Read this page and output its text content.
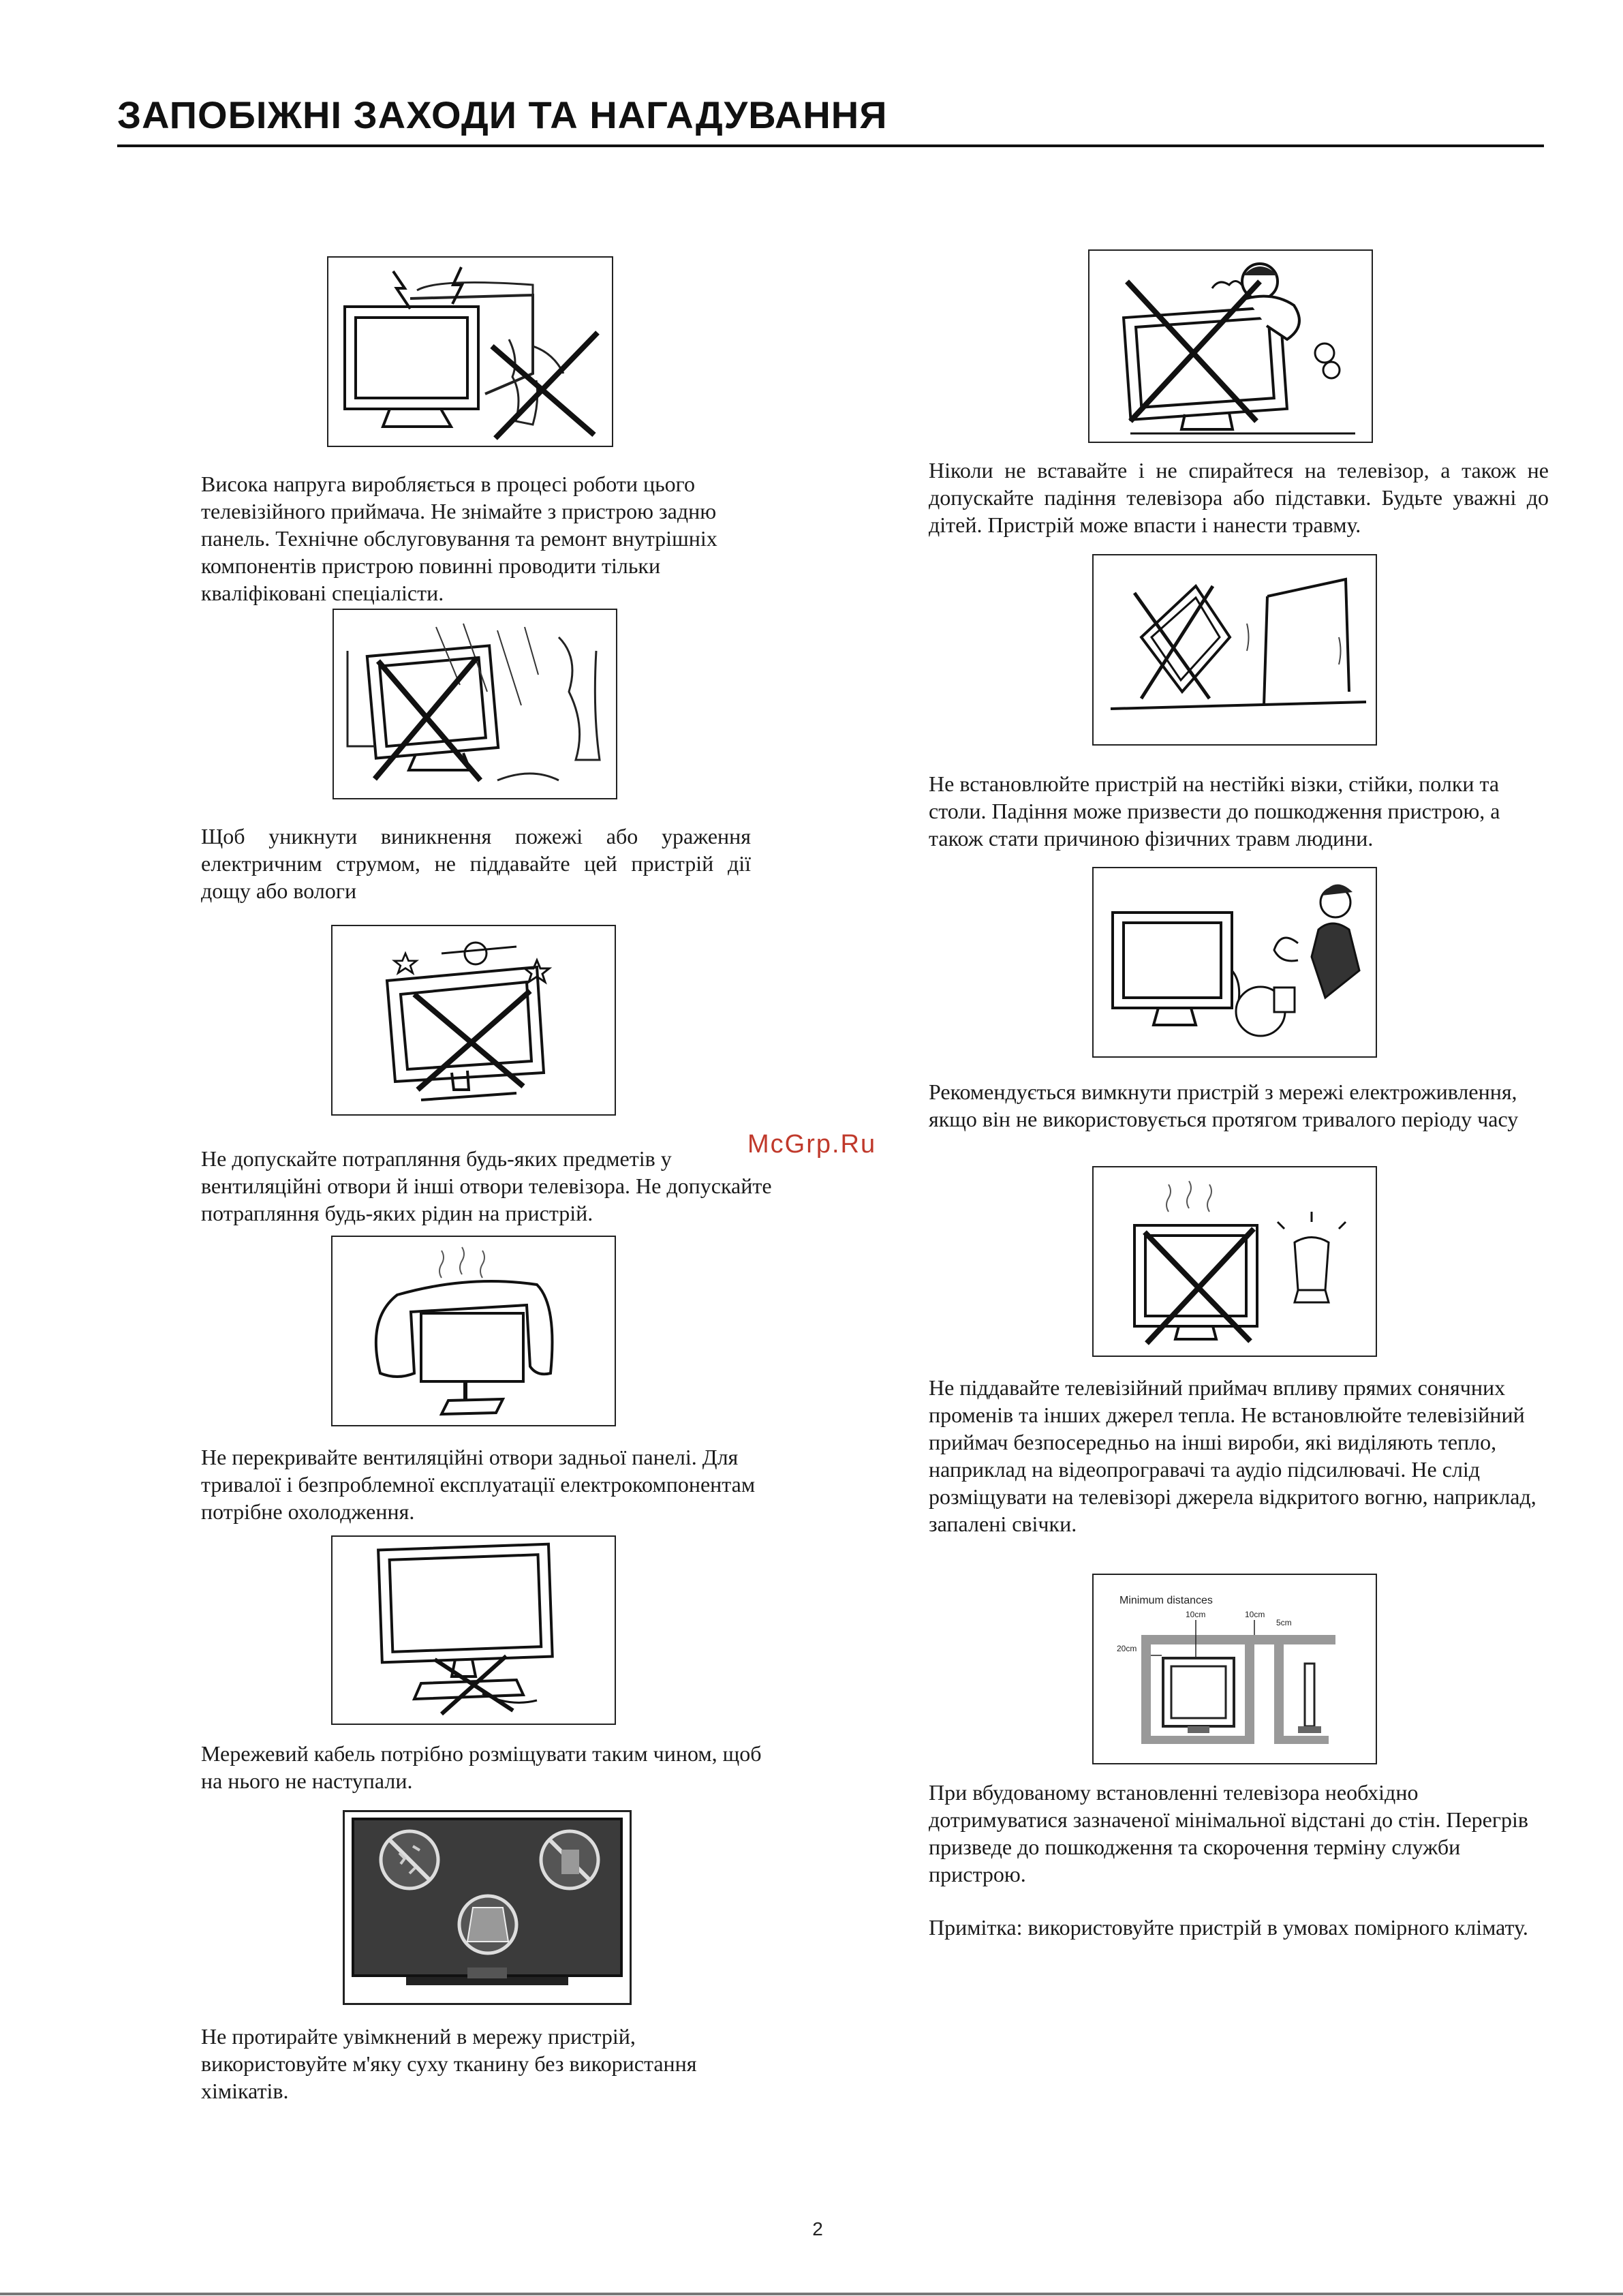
ЗАПОБІЖНІ ЗАХОДИ ТА НАГАДУВАННЯ

Висока напруга виробляється в процесі роботи цього телевізійного приймача. Не знімайте з пристрою задню панель. Технічне обслуговування та ремонт внутрішніх компонентів пристрою повинні проводити тільки кваліфіковані спеціалісти.

Щоб уникнути виникнення пожежі або ураження електричним струмом, не піддавайте цей пристрій дії дощу або вологи

Не допускайте потрапляння будь-яких предметів у вентиляційні отвори й інші отвори телевізора. Не допускайте потрапляння будь-яких рідин на пристрій.

Не перекривайте вентиляційні отвори задньої панелі. Для тривалої і безпроблемної експлуатації електрокомпонентам потрібне охолодження.

Мережевий кабель потрібно розміщувати таким чином, щоб на нього не наступали.

Не протирайте увімкнений в мережу пристрій, використовуйте м'яку суху тканину без використання хімікатів.

Ніколи не вставайте і не спирайтеся на телевізор, а також не допускайте падіння телевізора або підставки. Будьте уважні до дітей. Пристрій може впасти і нанести травму.

Не встановлюйте пристрій на нестійкі візки, стійки, полки та столи. Падіння може призвести до пошкодження пристрою, а також стати причиною фізичних травм людини.

Рекомендується вимкнути пристрій з мережі електроживлення, якщо він не використовується протягом тривалого періоду часу

Не піддавайте телевізійний приймач впливу прямих сонячних променів та інших джерел тепла. Не встановлюйте телевізійний приймач безпосередньо на інші вироби, які виділяють тепло, наприклад на відеопрогравачі та аудіо підсилювачі. Не слід розміщувати на телевізорі джерела відкритого вогню, наприклад, запалені свічки.

Minimum distances
10cm	10cm
5cm
20cm

При вбудованому встановленні телевізора необхідно дотримуватися зазначеної мінімальної відстані до стін. Перегрів призведе до пошкодження та скорочення терміну служби пристрою.

Примітка: використовуйте пристрій в умовах помірного клімату.

McGrp.Ru
2
